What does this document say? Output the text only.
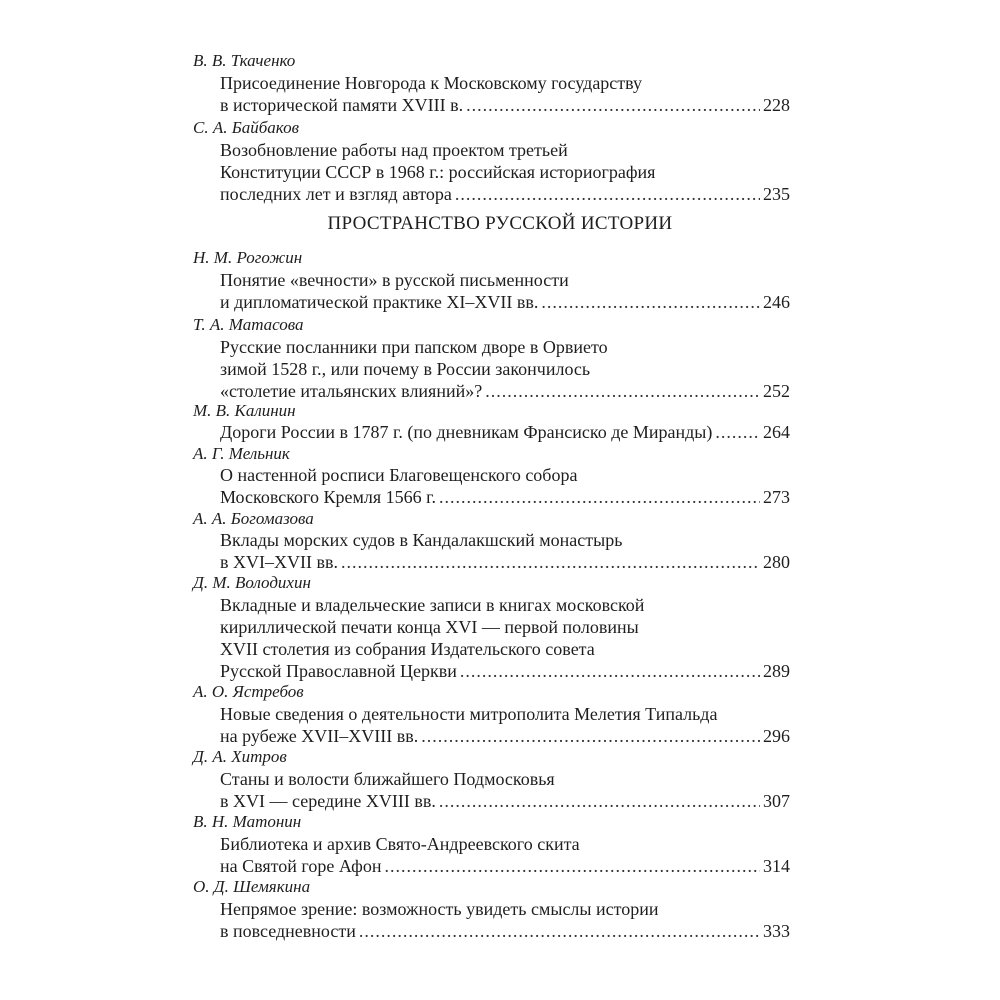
В. В. Ткаченко
Присоединение Новгорода к Московскому государству
в исторической памяти XVIII в. .....	228
С. А. Байбаков
Возобновление работы над проектом третьей
Конституции СССР в 1968 г.: российская историография
последних лет и взгляд автора .....	235
ПРОСТРАНСТВО РУССКОЙ ИСТОРИИ
Н. М. Рогожин
Понятие «вечности» в русской письменности
и дипломатической практике XI–XVII вв. .....	246
Т. А. Матасова
Русские посланники при папском дворе в Орвието
зимой 1528 г., или почему в России закончилось
«столетие итальянских влияний»? .....	252
М. В. Калинин
Дороги России в 1787 г. (по дневникам Франсиско де Миранды) .....	264
А. Г. Мельник
О настенной росписи Благовещенского собора
Московского Кремля 1566 г. .....	273
А. А. Богомазова
Вклады морских судов в Кандалакшский монастырь
в XVI–XVII вв. .....	280
Д. М. Володихин
Вкладные и владельческие записи в книгах московской
кириллической печати конца XVI — первой половины
XVII столетия из собрания Издательского совета
Русской Православной Церкви .....	289
А. О. Ястребов
Новые сведения о деятельности митрополита Мелетия Типальда
на рубеже XVII–XVIII вв. .....	296
Д. А. Хитров
Станы и волости ближайшего Подмосковья
в XVI — середине XVIII вв. .....	307
В. Н. Матонин
Библиотека и архив Свято-Андреевского скита
на Святой горе Афон .....	314
О. Д. Шемякина
Непрямое зрение: возможность увидеть смыслы истории
в повседневности .....	333
